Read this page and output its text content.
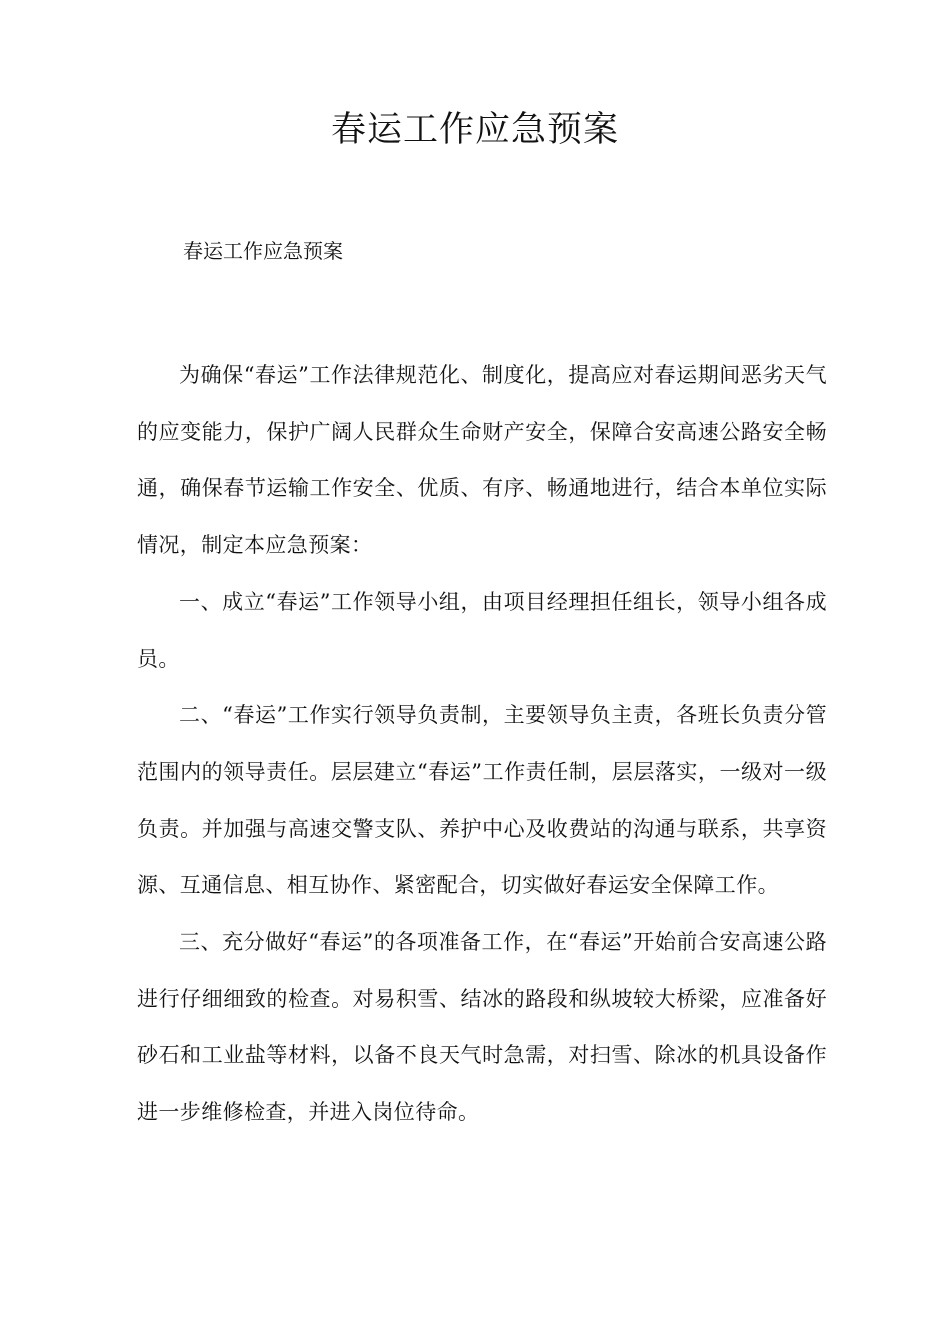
春运工作应急预案
春运工作应急预案

为确保“春运”工作法律规范化、制度化，提高应对春运期间恶劣天气的应变能力，保护广阔人民群众生命财产安全，保障合安高速公路安全畅通，确保春节运输工作安全、优质、有序、畅通地进行，结合本单位实际情况，制定本应急预案：

一、成立“春运”工作领导小组，由项目经理担任组长，领导小组各成员。

二、“春运”工作实行领导负责制，主要领导负主责，各班长负责分管范围内的领导责任。层层建立“春运”工作责任制，层层落实，一级对一级负责。并加强与高速交警支队、养护中心及收费站的沟通与联系，共享资源、互通信息、相互协作、紧密配合，切实做好春运安全保障工作。

三、充分做好“春运”的各项准备工作，在“春运”开始前合安高速公路进行仔细细致的检查。对易积雪、结冰的路段和纵坡较大桥梁，应准备好砂石和工业盐等材料，以备不良天气时急需，对扫雪、除冰的机具设备作进一步维修检查，并进入岗位待命。
